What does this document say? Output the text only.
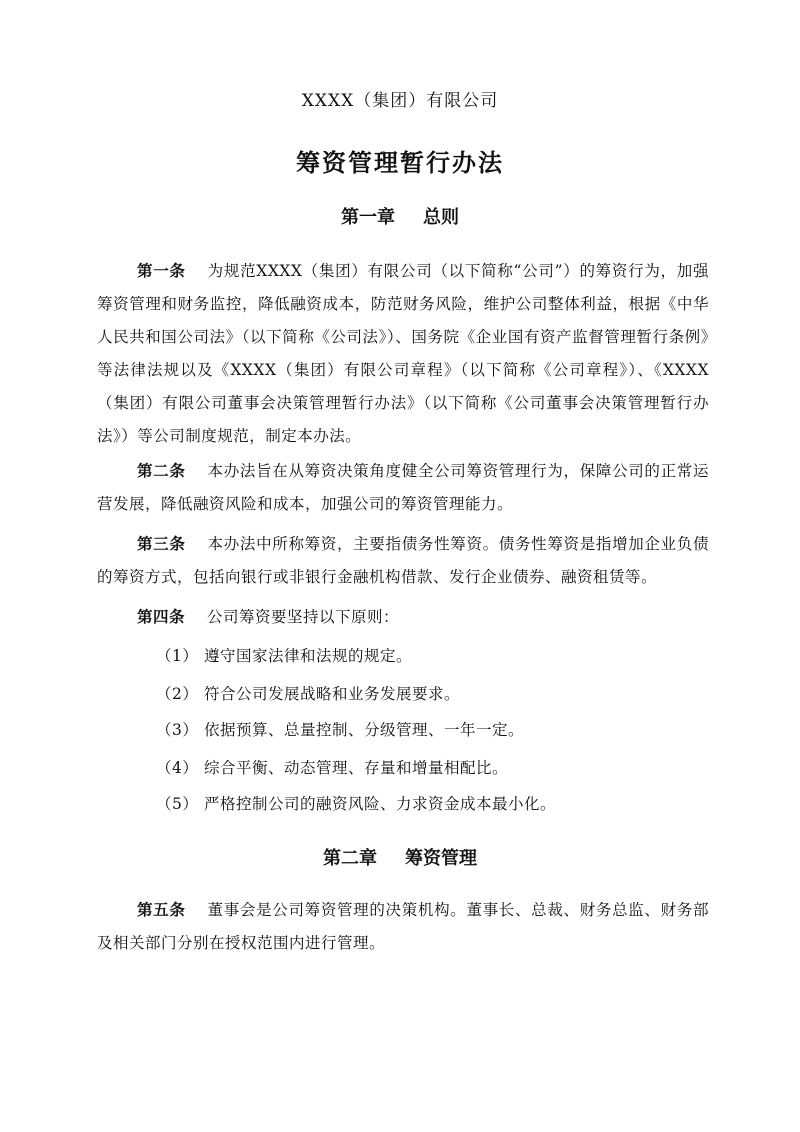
XXXX（集团）有限公司
筹资管理暂行办法
第一章 总则
第一条 为规范XXXX（集团）有限公司（以下简称“公司”）的筹资行为，加强筹资管理和财务监控，降低融资成本，防范财务风险，维护公司整体利益，根据《中华人民共和国公司法》（以下简称《公司法》）、国务院《企业国有资产监督管理暂行条例》等法律法规以及《XXXX（集团）有限公司章程》（以下简称《公司章程》）、《XXXX（集团）有限公司董事会决策管理暂行办法》（以下简称《公司董事会决策管理暂行办法》）等公司制度规范，制定本办法。
第二条 本办法旨在从筹资决策角度健全公司筹资管理行为，保障公司的正常运营发展，降低融资风险和成本，加强公司的筹资管理能力。
第三条 本办法中所称筹资，主要指债务性筹资。债务性筹资是指增加企业负债的筹资方式，包括向银行或非银行金融机构借款、发行企业债券、融资租赁等。
第四条 公司筹资要坚持以下原则：
（1） 遵守国家法律和法规的规定。
（2） 符合公司发展战略和业务发展要求。
（3） 依据预算、总量控制、分级管理、一年一定。
（4） 综合平衡、动态管理、存量和增量相配比。
（5） 严格控制公司的融资风险、力求资金成本最小化。
第二章 筹资管理
第五条 董事会是公司筹资管理的决策机构。董事长、总裁、财务总监、财务部及相关部门分别在授权范围内进行管理。
